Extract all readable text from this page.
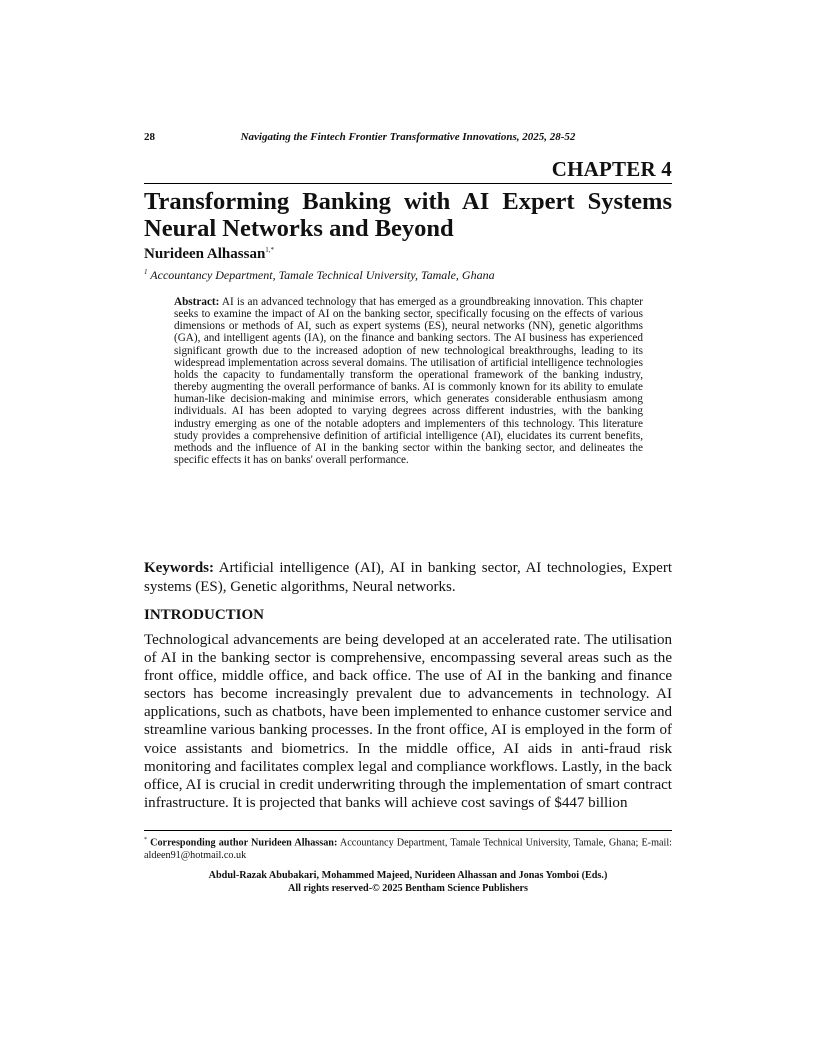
28	Navigating the Fintech Frontier Transformative Innovations, 2025, 28-52
CHAPTER 4
Transforming Banking with AI Expert Systems Neural Networks and Beyond
Nurideen Alhassan$^{1,*}$
$^1$ Accountancy Department, Tamale Technical University, Tamale, Ghana

Abstract: AI is an advanced technology that has emerged as a groundbreaking innovation. This chapter seeks to examine the impact of AI on the banking sector, specifically focusing on the effects of various dimensions or methods of AI, such as expert systems (ES), neural networks (NN), genetic algorithms (GA), and intelligent agents (IA), on the finance and banking sectors. The AI business has experienced significant growth due to the increased adoption of new technological breakthroughs, leading to its widespread implementation across several domains. The utilisation of artificial intelligence technologies holds the capacity to fundamentally transform the operational framework of the banking industry, thereby augmenting the overall performance of banks. AI is commonly known for its ability to emulate human-like decision-making and minimise errors, which generates considerable enthusiasm among individuals. AI has been adopted to varying degrees across different industries, with the banking industry emerging as one of the notable adopters and implementers of this technology. This literature study provides a comprehensive definition of artificial intelligence (AI), elucidates its current benefits, methods and the influence of AI in the banking sector within the banking sector, and delineates the specific effects it has on banks' overall performance.

Keywords: Artificial intelligence (AI), AI in banking sector, AI technologies, Expert systems (ES), Genetic algorithms, Neural networks.

INTRODUCTION

Technological advancements are being developed at an accelerated rate. The utilisation of AI in the banking sector is comprehensive, encompassing several areas such as the front office, middle office, and back office. The use of AI in the banking and finance sectors has become increasingly prevalent due to advancements in technology. AI applications, such as chatbots, have been implemented to enhance customer service and streamline various banking processes. In the front office, AI is employed in the form of voice assistants and biometrics. In the middle office, AI aids in anti-fraud risk monitoring and facilitates complex legal and compliance workflows. Lastly, in the back office, AI is crucial in credit underwriting through the implementation of smart contract infrastructure. It is projected that banks will achieve cost savings of $447 billion

* Corresponding author Nurideen Alhassan: Accountancy Department, Tamale Technical University, Tamale, Ghana; E-mail: aldeen91@hotmail.co.uk

Abdul-Razak Abubakari, Mohammed Majeed, Nurideen Alhassan and Jonas Yomboi (Eds.)
All rights reserved-© 2025 Bentham Science Publishers
